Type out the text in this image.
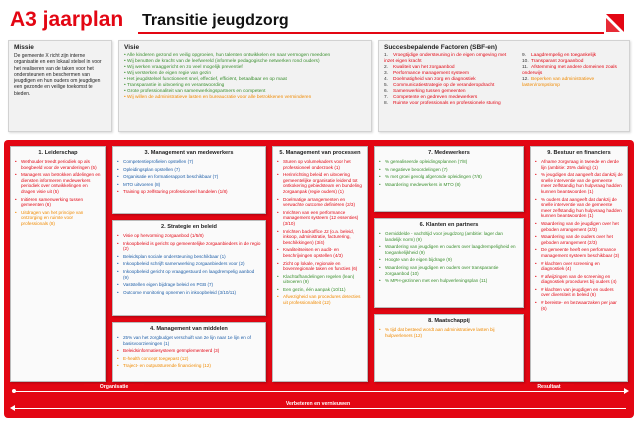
A3 jaarplan Transitie jeugdzorg
Missie

De gemeente X richt zijn interne organisatie en een lokaal stelsel in voor het realiseren van de taken voor het ondersteunen en beschermen van jeugdigen en hun ouders om jeugdigen een gezonde en veilige toekomst te bieden.

Visie
• Alle kinderen gezond en veilig opgroeien, hun talenten ontwikkelen en naar vermogen meedoen
• Wij benutten de kracht van de leefwereld (informele pedagogische netwerken rond ouders)
• Wij werken vraaggericht en zo veel mogelijk preventief
• Wij versterken de eigen regie van gezin
• Het jeugdstelsel functioneert snel, effectief, efficiënt, betaalbaar en op maat
• Transparantie in uitvoering en verantwoording
• Grote professionaliteit van samenwerkingspartners en competent
• Wij willen de administratieve lasten en bureaucratie voor alle betrokkenen verminderen
Succesbepalende Factoren (SBF-en)
1. Vroegtijdige ondersteuning in de eigen omgeving met inzet eigen kracht
2. Kwaliteit van het zorgaanbod
3. Performance management systeem
4. Doelmatigheid van zorg en diagnostiek
5. Communicatiestrategie op de veranderopdracht
6. Samenwerking tussen gemeenten
7. Competente en gedreven medewerkers
8. Ruimte voor professionals en professionele sturing
9. Laagdrempelig en toegankelijk
10. Transparant zorgaanbod
11. Afstemming met andere domeinen zoals onderwijs
12. Beperken van administratieve lasten/rompslomp
1. Leiderschap
• Wethouder treedt periodiek op als boegbeeld voor de veranderingen (5)
• Managers van betrokken afdelingen en diensten informeren medewerkers periodiek over ontwikkelingen en dragen visie uit (5)
• Initiëren samenwerking tussen gemeenten (6)
• Uitdragen van het principe van ontzorging en ruimte voor professionals (8)
3. Management van medewerkers
• Competentieprofielen opstellen (7)
• Opleidingsplan opstellen (7)
• Organisatie en formatierapport beschikbaar (7)
• MTO uitvoeren (8)
• Training op zelfsturing professioneel handelen (1/8)
2. Strategie en beleid
• Visie op hervorming zorgaanbod (1/5/8)
• Inkoopbeleid is gericht op gemeentelijke zorgaanbieders in de regio (2)
• Beleidsplan sociale ondersteuning beschikbaar (1)
• Inkoopbeleid schrijft samenwerking zorgaanbieders voor (2)
• Inkoopbeleid gericht op vraaggestuurd en laagdrempelig aanbod (9)
• Vaststellen eigen bijdrage beleid en PGB (7)
• Outcome monitoring opnemen in inkoopbeleid (3/10/11)
4. Management van middelen
• 25% van het zorgbudget verschuift van 2e lijn naar 1e lijn en of basisvoorzieningen (1)
• Beleidsinformatiesysteem geïmplementeerd (3)
• E-health concept toegepast (12)
• Traject- en outputsturende financiering (12)
5. Management van processen
• Sturen op volumekaders voor het professioneel onderzoek (1)
• Herinrichting beleid en uitvoering gemeentelijke organisatie leidend tot ontkokering gebiedsteam en bundeling zorgaanpak (regie ouders) (1)
• Doelmatige arrangementen en verwachte outcome definiëren (2/3)
• Inrichten van een performance management systeem (12 essenties) (3/10)
• Inrichten backoffice J2 (o.a. beleid, inkoop, administratie, facturering, beschikkingen) (3/4)
• Kwaliteitseisen en audit- en beschrijvingen opstellen (4/3)
• Zicht op lokale, regionale en bovenregionale taken en functies (6)
• Klachtafhandelingen regelen (lean) uitvoeren (9)
• Een gezin, één aanpak (10/11)
• Afwezigheid van procedures detecties uit professionaliteit (12)
7. Medewerkers
• % gerealiseerde opleidingsplannen (7/8)
• % negatieve beoordelingen (7)
• % met groei gevolg afgeronde opleidingen (7/8)
• Waardering medewerkers in MTO (8)
6. Klanten en partners
• Gemiddelde - vacht/tijd voor jeugdzorg (ambitie: lager dan landelijk norm) (9)
• Waardering van jeugdigen en ouders over laagdrempeligheid en toegankelijkheid (9)
• Hoogte van de eigen bijdrage (9)
• Waardering van jeugdigen en ouders over transparantie zorgaanbod (10)
• % MPH-gezinnen met een hulpverleningsplan (11)
8. Maatschappij
• % tijd dat besteed wordt aan administratieve lasten bij hulpverleners (12)
9. Bestuur en financiers
• Afname zorgvraag in tweede en derde lijn (ambitie: 25% daling) (1)
• % jeugdigen dat aangeeft dat dankzij de snelle interventie van de gemeente meer zelfstandig hun hulpvraag hadden kunnen beantwoorden (1)
• % ouders dat aangeeft dat dankzij de snelle interventie van de gemeente meer zelfstandig hun hulpvraag hadden kunnen beantwoorden (1)
• Waardering van de jeugdigen over het geboden arrangement (2/3)
• Waardering van de ouders over het geboden arrangement (2/3)
• De gemeente heeft een performance management systeem beschikbaar (3)
• # klachten over screening en diagnostiek (4)
• # afwijzingen van de screening en diagnostiek procedures bij ouders (4)
• # klachten van jeugdigen en ouders over diversiteit in beleid (6)
• # bereiste- en bezwaarzaken per jaar (6)
Organisatie	Resultaat
Verbeteren en vernieuwen
